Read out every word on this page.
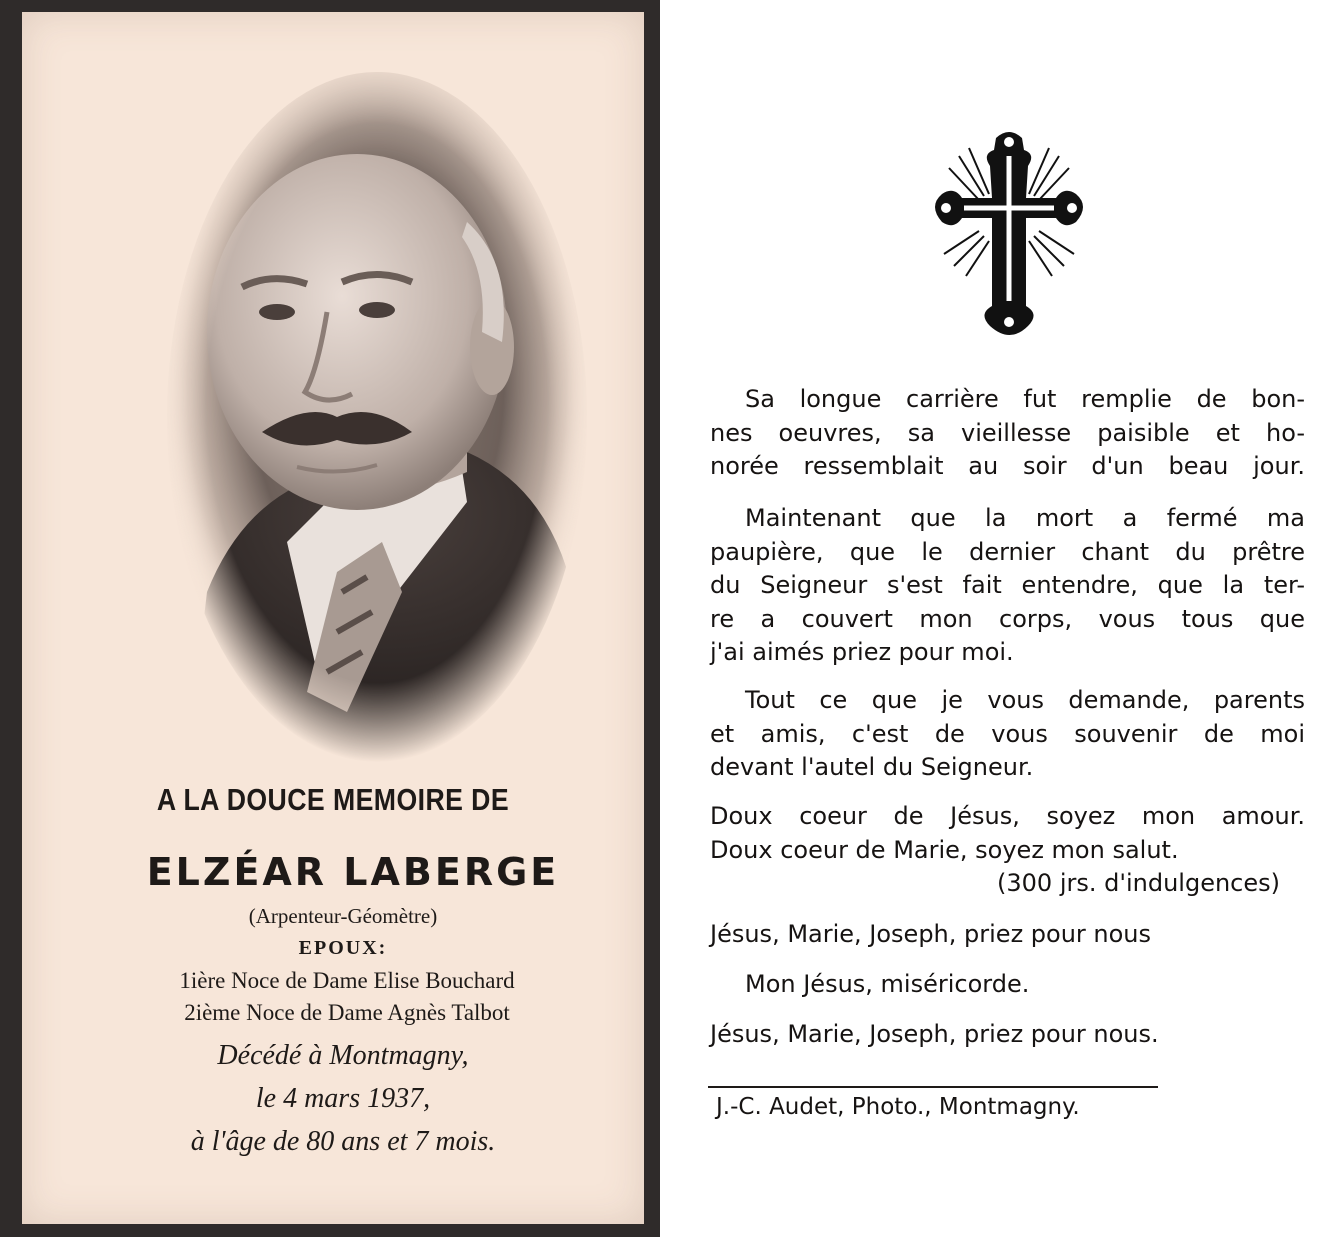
A LA DOUCE MEMOIRE DE
ELZÉAR LABERGE
(Arpenteur-Géomètre)
EPOUX:
1ière Noce de Dame Elise Bouchard
2ième Noce de Dame Agnès Talbot
Décédé à Montmagny,
le 4 mars 1937,
à l'âge de 80 ans et 7 mois.
Sa longue carrière fut remplie de bon-
nes oeuvres, sa vieillesse paisible et ho-
norée ressemblait au soir d'un beau jour.
Maintenant que la mort a fermé ma
paupière, que le dernier chant du prêtre
du Seigneur s'est fait entendre, que la ter-
re a couvert mon corps, vous tous que
j'ai aimés priez pour moi.
Tout ce que je vous demande, parents
et amis, c'est de vous souvenir de moi
devant l'autel du Seigneur.
Doux coeur de Jésus, soyez mon amour.
Doux coeur de Marie, soyez mon salut.
(300 jrs. d'indulgences)
Jésus, Marie, Joseph, priez pour nous
Mon Jésus, miséricorde.
Jésus, Marie, Joseph, priez pour nous.
J.-C. Audet, Photo., Montmagny.
